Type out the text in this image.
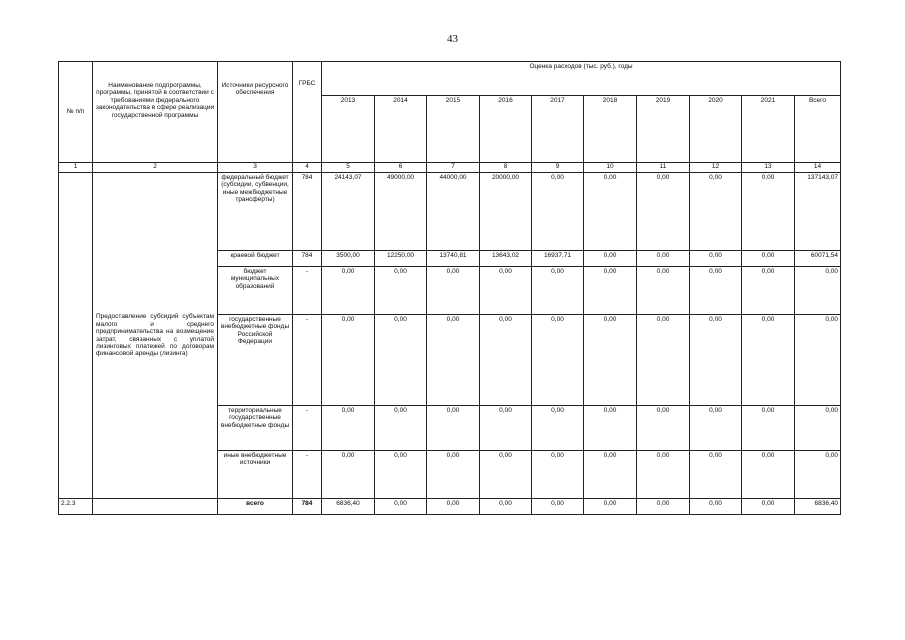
43
№ п/п	Наименование подпрограммы, программы, принятой в соответствии с требованиями федерального законодательства в сфере реализации государственной программы	Источники ресурсного обеспечения	ГРБС	Оценка расходов (тыс. руб.), годы									
				2013	2014	2015	2016	2017	2018	2019	2020	2021	Всего
1	2	3	4	5	6	7	8	9	10	11	12	13	14
	Предоставление субсидий субъектам малого и среднего предпринимательства на возмещение затрат, связанных с уплатой лизинговых платежей по договорам финансовой аренды (лизинга)	федеральный бюджет (субсидии, субвенции, иные межбюджетные трансферты)	784	24143,07	49000,00	44000,00	20000,00	0,00	0,00	0,00	0,00	0,00	137143,07
		краевой бюджет	784	3500,00	12250,00	13740,81	13643,02	16937,71	0,00	0,00	0,00	0,00	60071,54
		бюджет муниципальных образований	-	0,00	0,00	0,00	0,00	0,00	0,00	0,00	0,00	0,00	0,00
		государственные внебюджетные фонды Российской Федерации	-	0,00	0,00	0,00	0,00	0,00	0,00	0,00	0,00	0,00	0,00
		территориальные государственные внебюджетные фонды	-	0,00	0,00	0,00	0,00	0,00	0,00	0,00	0,00	0,00	0,00
		иные внебюджетные источники	-	0,00	0,00	0,00	0,00	0,00	0,00	0,00	0,00	0,00	0,00
2.2.3		всего	784	6836,40	0,00	0,00	0,00	0,00	0,00	0,00	0,00	0,00	6836,40
